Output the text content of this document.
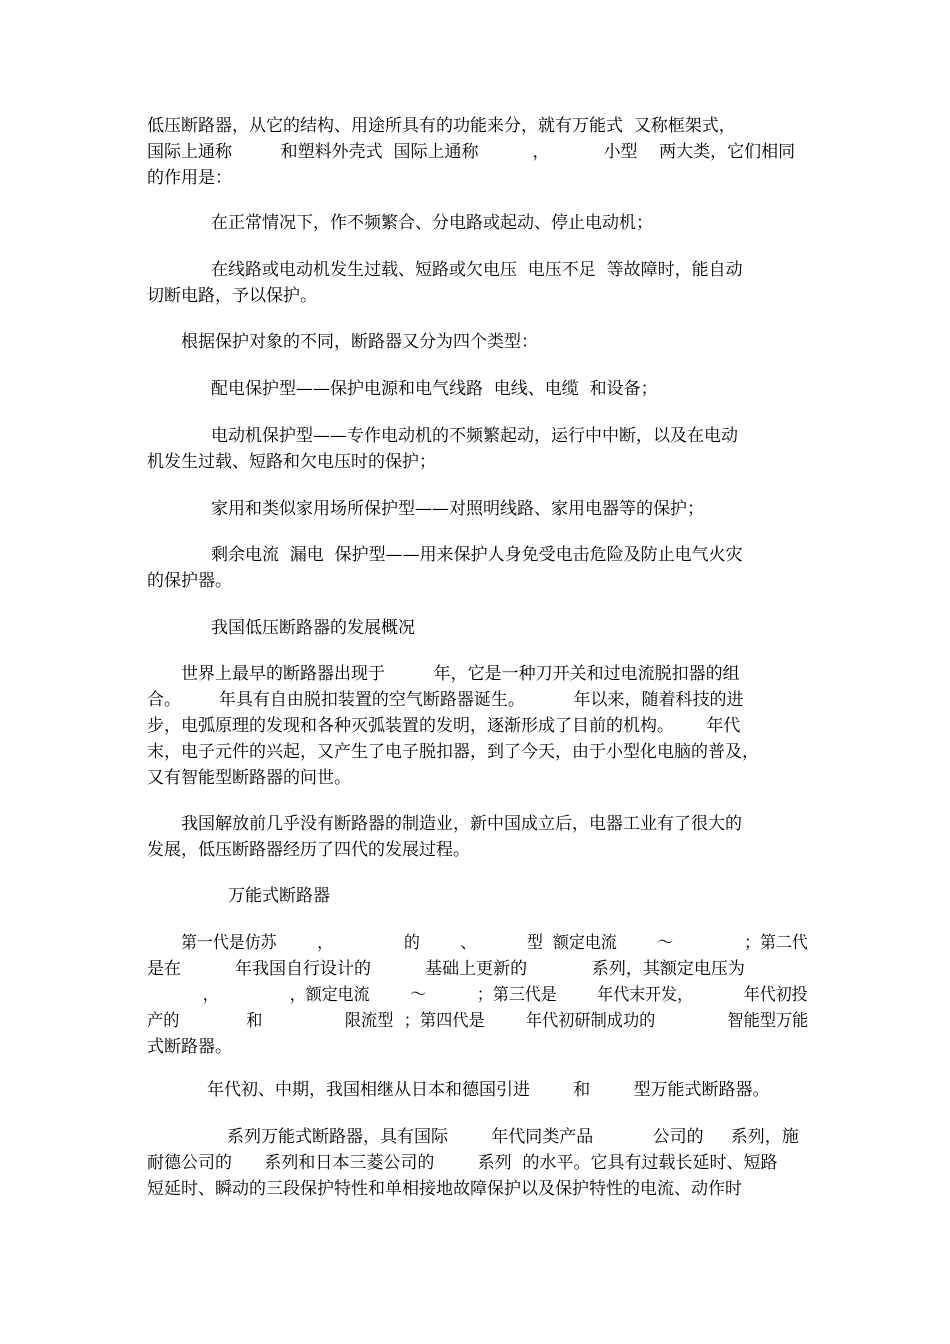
低压断路器，从它的结构、用途所具有的功能来分，就有万能式  又称框架式，
国际上通称         和塑料外壳式  国际上通称          ，          小型    两大类，它们相同
的作用是：
在正常情况下，作不频繁合、分电路或起动、停止电动机；
在线路或电动机发生过载、短路或欠电压  电压不足  等故障时，能自动
切断电路，予以保护。
根据保护对象的不同，断路器又分为四个类型：
配电保护型——保护电源和电气线路  电线、电缆  和设备；
电动机保护型——专作电动机的不频繁起动，运行中中断，以及在电动
机发生过载、短路和欠电压时的保护；
家用和类似家用场所保护型——对照明线路、家用电器等的保护；
剩余电流  漏电  保护型——用来保护人身免受电击危险及防止电气火灾
的保护器。
我国低压断路器的发展概况
世界上最早的断路器出现于         年，它是一种刀开关和过电流脱扣器的组
合。       年具有自由脱扣装置的空气断路器诞生。         年以来，随着科技的进
步，电弧原理的发现和各种灭弧装置的发明，逐渐形成了目前的机构。      年代
末，电子元件的兴起，又产生了电子脱扣器，到了今天，由于小型化电脑的普及，
又有智能型断路器的问世。
我国解放前几乎没有断路器的制造业，新中国成立后，电器工业有了很大的
发展，低压断路器经历了四代的发展过程。
万能式断路器
第一代是仿苏        ，              的        、          型  额定电流        ～              ；第二代
是在          年我国自行设计的          基础上更新的            系列，其额定电压为
，              ，额定电流        ～          ；第三代是        年代末开发，          年代初投
产的             和                限流型  ；第四代是        年代初研制成功的              智能型万能
式断路器。
年代初、中期，我国相继从日本和德国引进        和        型万能式断路器。
系列万能式断路器，具有国际        年代同类产品           公司的     系列，施
耐德公司的      系列和日本三菱公司的        系列  的水平。它具有过载长延时、短路
短延时、瞬动的三段保护特性和单相接地故障保护以及保护特性的电流、动作时
